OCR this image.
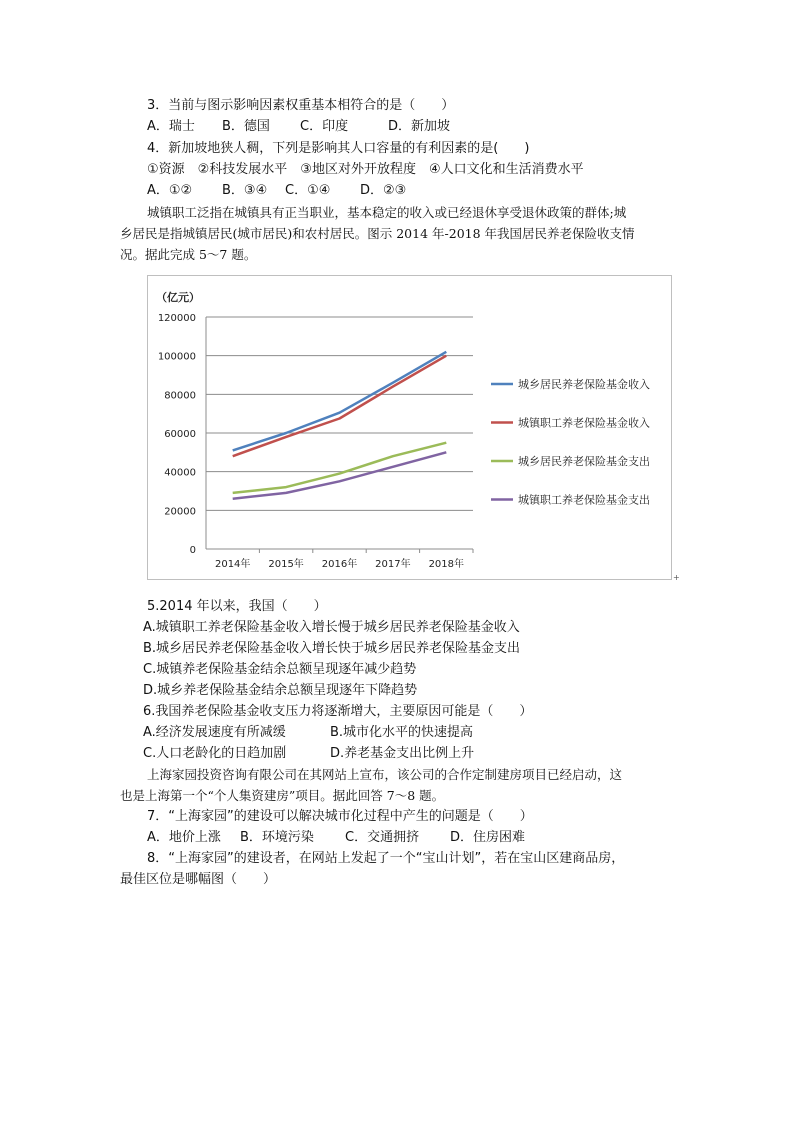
3．当前与图示影响因素权重基本相符合的是（　　）
A．瑞士 B．德国 C．印度	D．新加坡
4．新加坡地狭人稠，下列是影响其人口容量的有利因素的是(　　)
①资源　②科技发展水平　③地区对外开放程度　④人口文化和生活消费水平
A．①② B．③④ C．①④ D．②③
城镇职工泛指在城镇具有正当职业，基本稳定的收入或已经退休享受退休政策的群体;城
乡居民是指城镇居民(城市居民)和农村居民。图示 2014 年-2018 年我国居民养老保险收支情
况。据此完成 5～7 题。
（亿元）
0
20000
40000
60000
80000
100000
120000
2014年 2015年 2016年 2017年 2018年
城乡居民养老保险基金收入
城镇职工养老保险基金收入
城乡居民养老保险基金支出
城镇职工养老保险基金支出
+
5.2014 年以来，我国（　　）
A.城镇职工养老保险基金收入增长慢于城乡居民养老保险基金收入
B.城乡居民养老保险基金收入增长快于城乡居民养老保险基金支出
C.城镇养老保险基金结余总额呈现逐年减少趋势
D.城乡养老保险基金结余总额呈现逐年下降趋势
6.我国养老保险基金收支压力将逐渐增大，主要原因可能是（　　）
A.经济发展速度有所减缓	B.城市化水平的快速提高
C.人口老龄化的日趋加剧	D.养老基金支出比例上升
上海家园投资咨询有限公司在其网站上宣布，该公司的合作定制建房项目已经启动，这
也是上海第一个“个人集资建房”项目。据此回答 7～8 题。
7．“上海家园”的建设可以解决城市化过程中产生的问题是（　　）
A．地价上涨 B．环境污染 C．交通拥挤 D．住房困难
8．“上海家园”的建设者，在网站上发起了一个“宝山计划”，若在宝山区建商品房，
最佳区位是哪幅图（　　）
